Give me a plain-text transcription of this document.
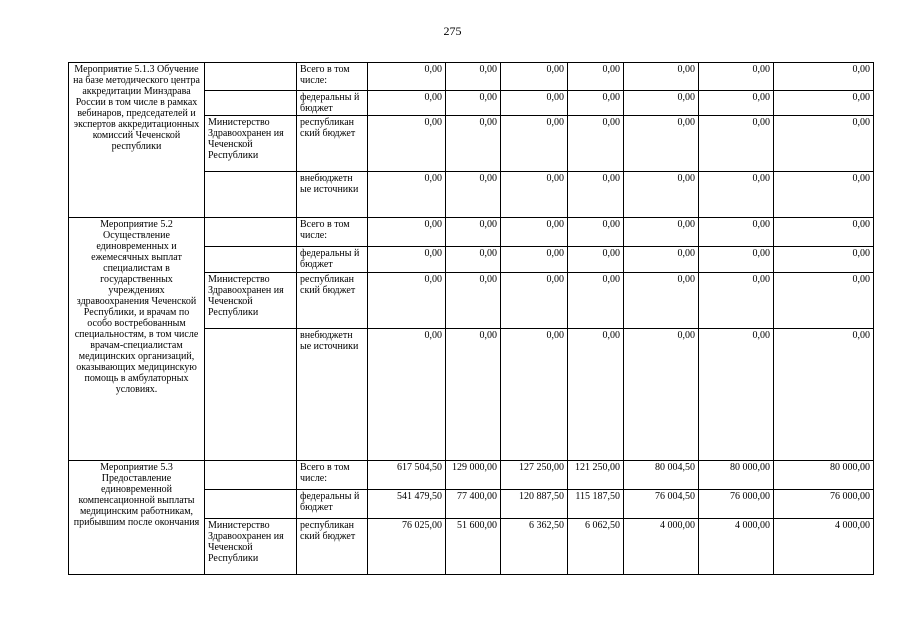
275
Мероприятие 5.1.3 Обучение на базе методического центра аккредитации Минздрава России в том числе в рамках вебинаров, председателей и экспертов аккредитационных комиссий Чеченской республики		Всего в том числе:	0,00	0,00	0,00	0,00	0,00	0,00	0,00
		федеральны й бюджет	0,00	0,00	0,00	0,00	0,00	0,00	0,00
	Министерство Здравоохранен ия Чеченской Республики	республикан ский бюджет	0,00	0,00	0,00	0,00	0,00	0,00	0,00
		внебюджетн ые источники	0,00	0,00	0,00	0,00	0,00	0,00	0,00
Мероприятие 5.2 Осуществление единовременных и ежемесячных выплат специалистам в государственных учреждениях здравоохранения Чеченской Республики, и врачам по особо востребованным специальностям, в том числе врачам-специалистам медицинских организаций, оказывающих медицинскую помощь в амбулаторных условиях.		Всего в том числе:	0,00	0,00	0,00	0,00	0,00	0,00	0,00
		федеральны й бюджет	0,00	0,00	0,00	0,00	0,00	0,00	0,00
	Министерство Здравоохранен ия Чеченской Республики	республикан ский бюджет	0,00	0,00	0,00	0,00	0,00	0,00	0,00
		внебюджетн ые источники	0,00	0,00	0,00	0,00	0,00	0,00	0,00
Мероприятие 5.3 Предоставление единовременной компенсационной выплаты медицинским работникам, прибывшим после окончания		Всего в том числе:	617 504,50	129 000,00	127 250,00	121 250,00	80 004,50	80 000,00	80 000,00
		федеральны й бюджет	541 479,50	77 400,00	120 887,50	115 187,50	76 004,50	76 000,00	76 000,00
	Министерство Здравоохранен ия Чеченской Республики	республикан ский бюджет	76 025,00	51 600,00	6 362,50	6 062,50	4 000,00	4 000,00	4 000,00
